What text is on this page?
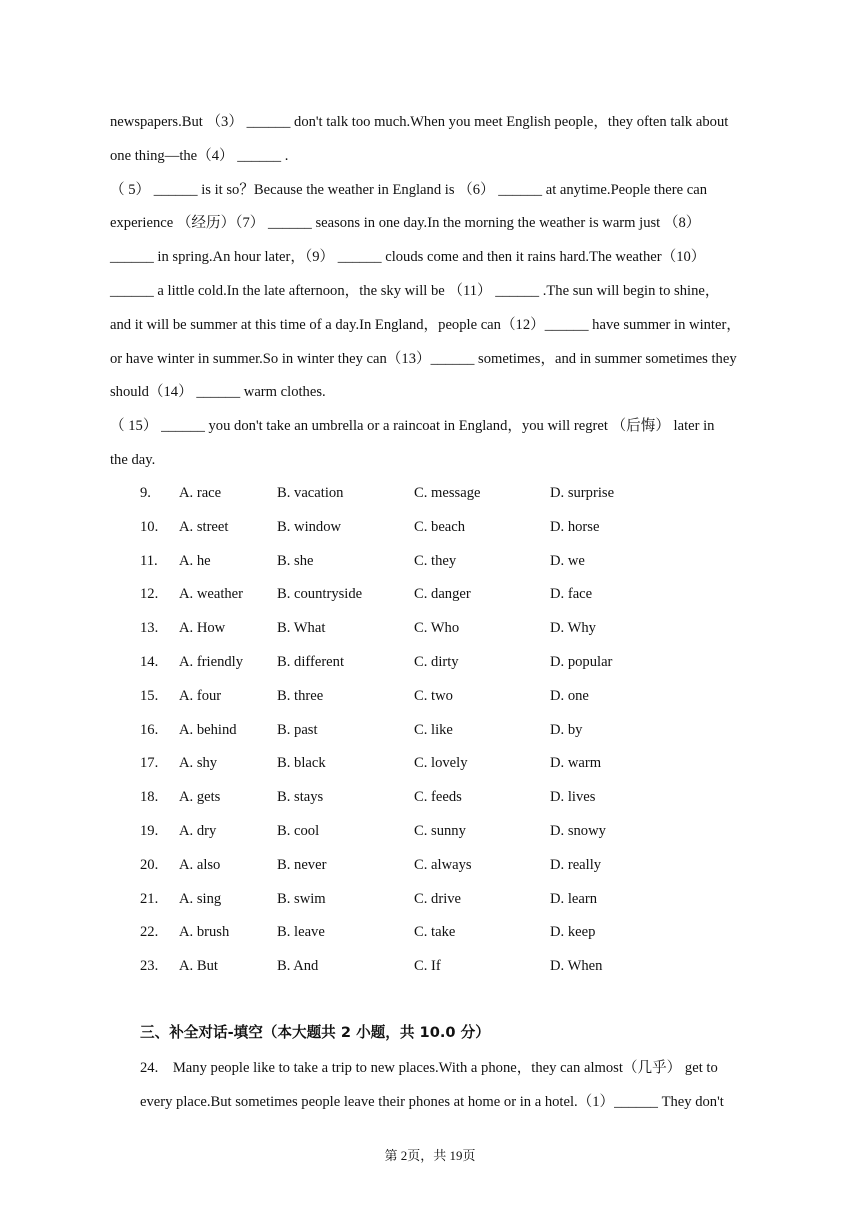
newspapers.But （3） ______ don't talk too much.When you meet English people，they often talk about

one thing—the（4） ______ .

（ 5） ______ is it so？Because the weather in England is （6） ______ at anytime.People there can

experience （经历）（7） ______ seasons in one day.In the morning the weather is warm just （8）

______ in spring.An hour later，（9） ______ clouds come and then it rains hard.The weather（10）

______ a little cold.In the late afternoon，the sky will be （11） ______ .The sun will begin to shine，

and it will be summer at this time of a day.In England，people can（12）______ have summer in winter，

or have winter in summer.So in winter they can（13）______ sometimes，and in summer sometimes they

should（14） ______ warm clothes.

（ 15） ______ you don't take an umbrella or a raincoat in England，you will regret （后悔） later in

the day.

9. A. race	B. vacation	C. message	D. surprise
10. A. street	B. window	C. beach	D. horse
11. A. he	B. she	C. they	D. we
12. A. weather B. countryside	C. danger	D. face
13. A. How	B. What	C. Who	D. Why
14. A. friendly B. different	C. dirty	D. popular
15. A. four	B. three	C. two	D. one
16. A. behind	B. past	C. like	D. by
17. A. shy	B. black	C. lovely	D. warm
18. A. gets	B. stays	C. feeds	D. lives
19. A. dry	B. cool	C. sunny	D. snowy
20. A. also	B. never	C. always	D. really
21. A. sing	B. swim	C. drive	D. learn
22. A. brush	B. leave	C. take	D. keep
23. A. But	B. And	C. If	D. When
三、补全对话-填空（本大题共 2 小题，共 10.0 分）

24.　Many people like to take a trip to new places.With a phone，they can almost（几乎） get to

every place.But sometimes people leave their phones at home or in a hotel.（1）______ They don't

第 2页，共 19页
